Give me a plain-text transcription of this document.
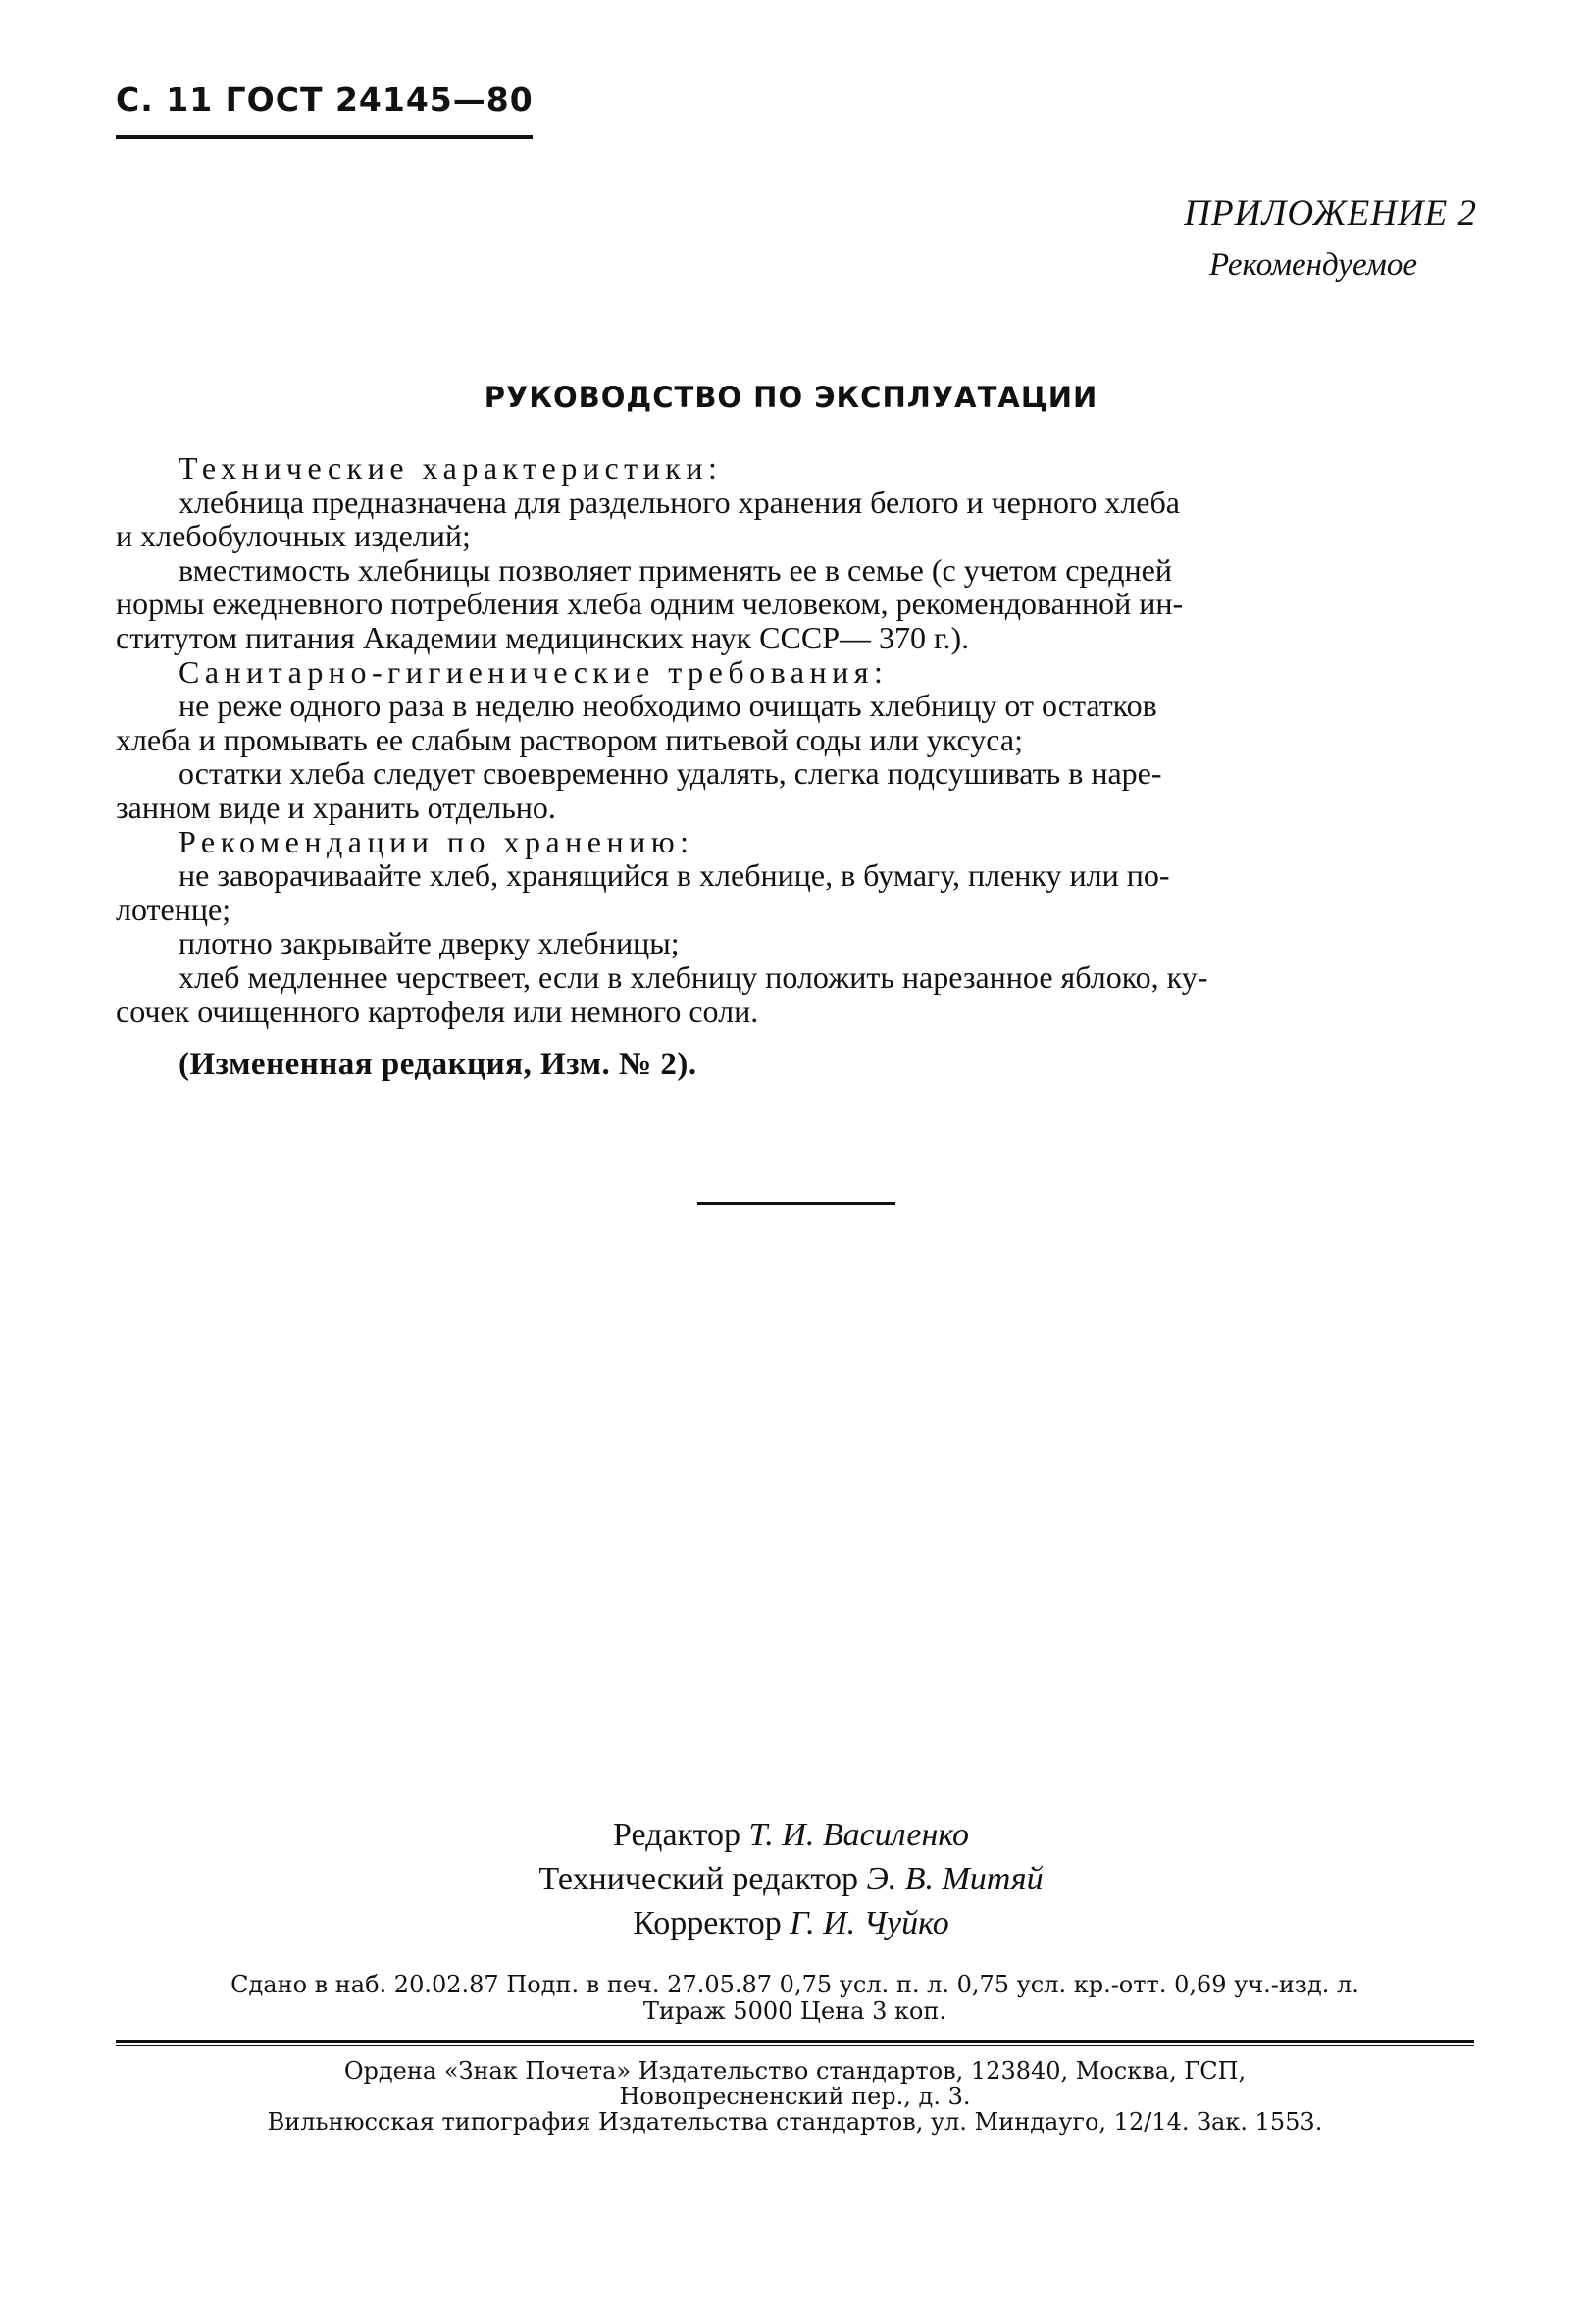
С. 11 ГОСТ 24145—80
ПРИЛОЖЕНИЕ 2
Рекомендуемое
РУКОВОДСТВО ПО ЭКСПЛУАТАЦИИ

Технические характеристики:

хлебница предназначена для раздельного хранения белого и черного хлеба

и хлебобулочных изделий;

вместимость хлебницы позволяет применять ее в семье (с учетом средней

нормы ежедневного потребления хлеба одним человеком, рекомендованной ин-

ститутом питания Академии медицинских наук СССР— 370 г.).

Санитарно-гигиенические требования:

не реже одного раза в неделю необходимо очищать хлебницу от остатков

хлеба и промывать ее слабым раствором питьевой соды или уксуса;

остатки хлеба следует своевременно удалять, слегка подсушивать в наре-

занном виде и хранить отдельно.

Рекомендации по хранению:

не заворачиваайте хлеб, хранящийся в хлебнице, в бумагу, пленку или по-

лотенце;

плотно закрывайте дверку хлебницы;

хлеб медленнее черствеет, если в хлебницу положить нарезанное яблоко, ку-

сочек очищенного картофеля или немного соли.

(Измененная редакция, Изм. № 2).

Редактор Т. И. Василенко
Технический редактор Э. В. Митяй
Корректор Г. И. Чуйко
Сдано в наб. 20.02.87 Подп. в печ. 27.05.87 0,75 усл. п. л. 0,75 усл. кр.-отт. 0,69 уч.-изд. л.
Тираж 5000 Цена 3 коп.
Ордена «Знак Почета» Издательство стандартов, 123840, Москва, ГСП,
Новопресненский пер., д. 3.
Вильнюсская типография Издательства стандартов, ул. Миндауго, 12/14. Зак. 1553.
